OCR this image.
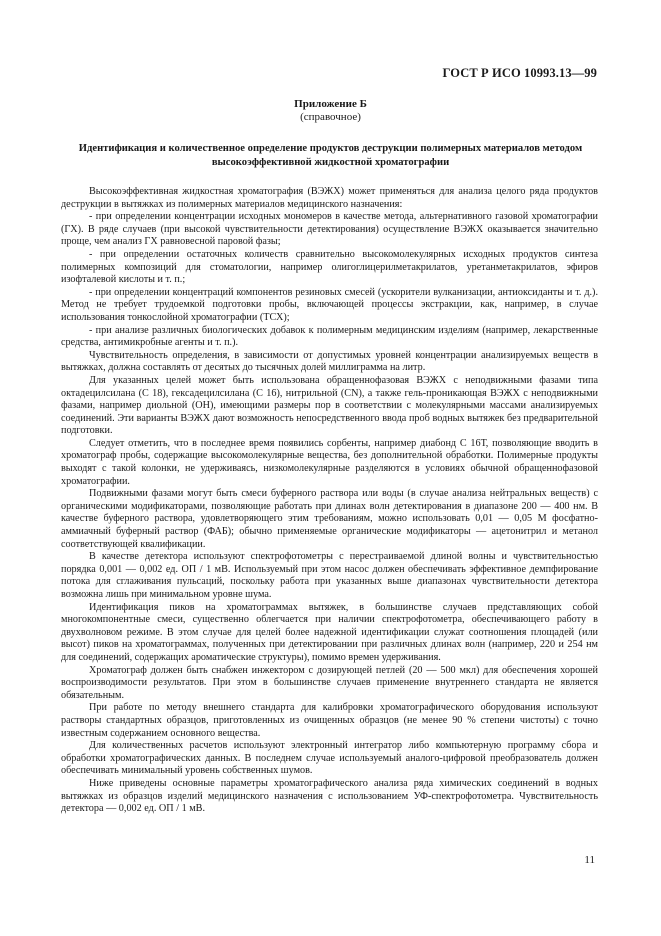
ГОСТ Р ИСО 10993.13—99
Приложение Б
(справочное)
Идентификация и количественное определение продуктов деструкции полимерных материалов методом высокоэффективной жидкостной хроматографии

Высокоэффективная жидкостная хроматография (ВЭЖХ) может применяться для анализа целого ряда продуктов деструкции в вытяжках из полимерных материалов медицинского назначения:

- при определении концентрации исходных мономеров в качестве метода, альтернативного газовой хроматографии (ГХ). В ряде случаев (при высокой чувствительности детектирования) осуществление ВЭЖХ оказывается значительно проще, чем анализ ГХ равновесной паровой фазы;

- при определении остаточных количеств сравнительно высокомолекулярных исходных продуктов синтеза полимерных композиций для стоматологии, например олигоглицерилметакрилатов, уретанметакрилатов, эфиров изофталевой кислоты и т. п.;

- при определении концентраций компонентов резиновых смесей (ускорители вулканизации, антиоксиданты и т. д.). Метод не требует трудоемкой подготовки пробы, включающей процессы экстракции, как, например, в случае использования тонкослойной хроматографии (ТСХ);

- при анализе различных биологических добавок к полимерным медицинским изделиям (например, лекарственные средства, антимикробные агенты и т. п.).

Чувствительность определения, в зависимости от допустимых уровней концентрации анализируемых веществ в вытяжках, должна составлять от десятых до тысячных долей миллиграмма на литр.

Для указанных целей может быть использована обращеннофазовая ВЭЖХ с неподвижными фазами типа октадецилсилана (С 18), гексадецилсилана (С 16), нитрильной (CN), а также гель-проникающая ВЭЖХ с неподвижными фазами, например диольной (ОН), имеющими размеры пор в соответствии с молекулярными массами анализируемых соединений. Эти варианты ВЭЖХ дают возможность непосредственного ввода проб водных вытяжек без предварительной подготовки.

Следует отметить, что в последнее время появились сорбенты, например диабонд С 16Т, позволяющие вводить в хроматограф пробы, содержащие высокомолекулярные вещества, без дополнительной обработки. Полимерные продукты выходят с такой колонки, не удерживаясь, низкомолекулярные разделяются в условиях обычной обращеннофазовой хроматографии.

Подвижными фазами могут быть смеси буферного раствора или воды (в случае анализа нейтральных веществ) с органическими модификаторами, позволяющие работать при длинах волн детектирования в диапазоне 200 — 400 нм. В качестве буферного раствора, удовлетворяющего этим требованиям, можно использовать 0,01 — 0,05 М фосфатно-аммиачный буферный раствор (ФАБ); обычно применяемые органические модификаторы — ацетонитрил и метанол соответствующей квалификации.

В качестве детектора используют спектрофотометры с перестраиваемой длиной волны и чувствительностью порядка 0,001 — 0,002 ед. ОП / 1 мВ. Используемый при этом насос должен обеспечивать эффективное демпфирование потока для сглаживания пульсаций, поскольку работа при указанных выше диапазонах чувствительности детектора возможна лишь при минимальном уровне шума.

Идентификация пиков на хроматограммах вытяжек, в большинстве случаев представляющих собой многокомпонентные смеси, существенно облегчается при наличии спектрофотометра, обеспечивающего работу в двухволновом режиме. В этом случае для целей более надежной идентификации служат соотношения площадей (или высот) пиков на хроматограммах, полученных при детектировании при различных длинах волн (например, 220 и 254 нм для соединений, содержащих ароматические структуры), помимо времен удерживания.

Хроматограф должен быть снабжен инжектором с дозирующей петлей (20 — 500 мкл) для обеспечения хорошей воспроизводимости результатов. При этом в большинстве случаев применение внутреннего стандарта не является обязательным.

При работе по методу внешнего стандарта для калибровки хроматографического оборудования используют растворы стандартных образцов, приготовленных из очищенных образцов (не менее 90 % степени чистоты) с точно известным содержанием основного вещества.

Для количественных расчетов используют электронный интегратор либо компьютерную программу сбора и обработки хроматографических данных. В последнем случае используемый аналого-цифровой преобразователь должен обеспечивать минимальный уровень собственных шумов.

Ниже приведены основные параметры хроматографического анализа ряда химических соединений в водных вытяжках из образцов изделий медицинского назначения с использованием УФ-спектрофотометра. Чувствительность детектора — 0,002 ед. ОП / 1 мВ.

11
